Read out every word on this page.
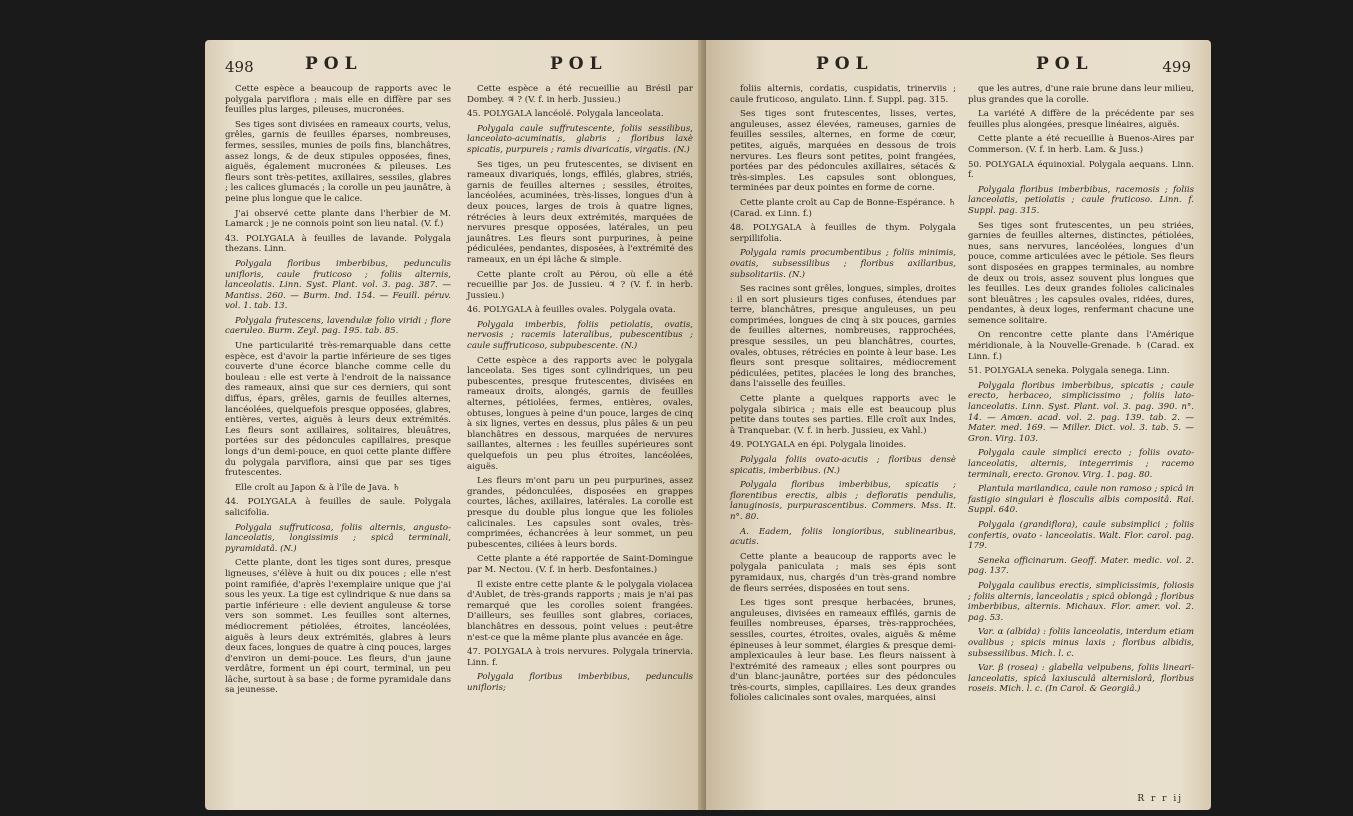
498	POL	POL

Cette espèce a beaucoup de rapports avec le polygala parviflora ; mais elle en diffère par ses feuilles plus larges, pileuses, mucronées.

Ses tiges sont divisées en rameaux courts, velus, grêles, garnis de feuilles éparses, nombreuses, fermes, sessiles, munies de poils fins, blanchâtres, assez longs, & de deux stipules opposées, fines, aiguës, également mucronées & pileuses. Les fleurs sont très-petites, axillaires, sessiles, glabres ; les calices glumacés ; la corolle un peu jaunâtre, à peine plus longue que le calice.

J'ai observé cette plante dans l'herbier de M. Lamarck ; je ne connois point son lieu natal. (V. f.)

43. POLYGALA à feuilles de lavande. Polygala thezans. Linn.

Polygala floribus imberbibus, pedunculis unifloris, caule fruticoso ; foliis alternis, lanceolatis. Linn. Syst. Plant. vol. 3. pag. 387. — Mantiss. 260. — Burm. Ind. 154. — Feuill. péruv. vol. 1. tab. 13.

Polygala frutescens, lavendulæ folio viridi ; flore caeruleo. Burm. Zeyl. pag. 195. tab. 85.

Une particularité très-remarquable dans cette espèce, est d'avoir la partie inférieure de ses tiges couverte d'une écorce blanche comme celle du bouleau : elle est verte à l'endroit de la naissance des rameaux, ainsi que sur ces derniers, qui sont diffus, épars, grêles, garnis de feuilles alternes, lancéolées, quelquefois presque opposées, glabres, entières, vertes, aiguës à leurs deux extrémités. Les fleurs sont axillaires, solitaires, bleuâtres, portées sur des pédoncules capillaires, presque longs d'un demi-pouce, en quoi cette plante diffère du polygala parviflora, ainsi que par ses tiges frutescentes.

Elle croît au Japon & à l'île de Java. ♄

44. POLYGALA à feuilles de saule. Polygala salicifolia.

Polygala suffruticosa, foliis alternis, angusto-lanceolatis, longissimis ; spicâ terminali, pyramidatâ. (N.)

Cette plante, dont les tiges sont dures, presque ligneuses, s'élève à huit ou dix pouces ; elle n'est point ramifiée, d'après l'exemplaire unique que j'ai sous les yeux. La tige est cylindrique & nue dans sa partie inférieure : elle devient anguleuse & torse vers son sommet. Les feuilles sont alternes, médiocrement pétiolées, étroites, lancéolées, aiguës à leurs deux extrémités, glabres à leurs deux faces, longues de quatre à cinq pouces, larges d'environ un demi-pouce. Les fleurs, d'un jaune verdâtre, forment un épi court, terminal, un peu lâche, surtout à sa base ; de forme pyramidale dans sa jeunesse.

Cette espèce a été recueillie au Brésil par Dombey. ♃ ? (V. f. in herb. Jussieu.)

45. POLYGALA lancéolé. Polygala lanceolata.

Polygala caule suffrutescente, foliis sessilibus, lanceolato-acuminatis, glabris ; floribus laxè spicatis, purpureis ; ramis divaricatis, virgatis. (N.)

Ses tiges, un peu frutescentes, se divisent en rameaux divariqués, longs, effilés, glabres, striés, garnis de feuilles alternes ; sessiles, étroites, lancéolées, acuminées, très-lisses, longues d'un à deux pouces, larges de trois à quatre lignes, rétrécies à leurs deux extrémités, marquées de nervures presque opposées, latérales, un peu jaunâtres. Les fleurs sont purpurines, à peine pédiculées, pendantes, disposées, à l'extrémité des rameaux, en un épi lâche & simple.

Cette plante croît au Pérou, où elle a été recueillie par Jos. de Jussieu. ♃ ? (V. f. in herb. Jussieu.)

46. POLYGALA à feuilles ovales. Polygala ovata.

Polygala imberbis, foliis petiolatis, ovatis, nervosis ; racemis lateralibus, pubescentibus ; caule suffruticoso, subpubescente. (N.)

Cette espèce a des rapports avec le polygala lanceolata. Ses tiges sont cylindriques, un peu pubescentes, presque frutescentes, divisées en rameaux droits, alongés, garnis de feuilles alternes, pétiolées, fermes, entières, ovales, obtuses, longues à peine d'un pouce, larges de cinq à six lignes, vertes en dessus, plus pâles & un peu blanchâtres en dessous, marquées de nervures saillantes, alternes : les feuilles supérieures sont quelquefois un peu plus étroites, lancéolées, aiguës.

Les fleurs m'ont paru un peu purpurines, assez grandes, pédonculées, disposées en grappes courtes, lâches, axillaires, latérales. La corolle est presque du double plus longue que les folioles calicinales. Les capsules sont ovales, très-comprimées, échancrées à leur sommet, un peu pubescentes, ciliées à leurs bords.

Cette plante a été rapportée de Saint-Domingue par M. Nectou. (V. f. in herb. Desfontaines.)

Il existe entre cette plante & le polygala violacea d'Aublet, de très-grands rapports ; mais je n'ai pas remarqué que les corolles soient frangées. D'ailleurs, ses feuilles sont glabres, coriaces, blanchâtres en dessous, point velues : peut-être n'est-ce que la même plante plus avancée en âge.

47. POLYGALA à trois nervures. Polygala trinervia. Linn. f.

Polygala floribus imberbibus, pedunculis unifloris;

POL	POL	499

foliis alternis, cordatis, cuspidatis, trinerviis ; caule fruticoso, angulato. Linn. f. Suppl. pag. 315.

Ses tiges sont frutescentes, lisses, vertes, anguleuses, assez élevées, rameuses, garnies de feuilles sessiles, alternes, en forme de cœur, petites, aiguës, marquées en dessous de trois nervures. Les fleurs sont petites, point frangées, portées par des pédoncules axillaires, sétacés & très-simples. Les capsules sont oblongues, terminées par deux pointes en forme de corne.

Cette plante croît au Cap de Bonne-Espérance. ♄ (Carad. ex Linn. f.)

48. POLYGALA à feuilles de thym. Polygala serpillifolia.

Polygala ramis procumbentibus ; foliis minimis, ovatis, subsessilibus ; floribus axillaribus, subsolitariis. (N.)

Ses racines sont grêles, longues, simples, droites : il en sort plusieurs tiges confuses, étendues par terre, blanchâtres, presque anguleuses, un peu comprimées, longues de cinq à six pouces, garnies de feuilles alternes, nombreuses, rapprochées, presque sessiles, un peu blanchâtres, courtes, ovales, obtuses, rétrécies en pointe à leur base. Les fleurs sont presque solitaires, médiocrement pédiculées, petites, placées le long des branches, dans l'aisselle des feuilles.

Cette plante a quelques rapports avec le polygala sibirica ; mais elle est beaucoup plus petite dans toutes ses parties. Elle croît aux Indes, à Tranquebar. (V. f. in herb. Jussieu, ex Vahl.)

49. POLYGALA en épi. Polygala linoides.

Polygala foliis ovato-acutis ; floribus densè spicatis, imberbibus. (N.)

Polygala floribus imberbibus, spicatis ; florentibus erectis, albis ; defloratis pendulis, lanuginosis, purpurascentibus. Commers. Mss. It. n°. 80.

A. Eadem, foliis longioribus, sublinearibus, acutis.

Cette plante a beaucoup de rapports avec le polygala paniculata ; mais ses épis sont pyramidaux, nus, chargés d'un très-grand nombre de fleurs serrées, disposées en tout sens.

Les tiges sont presque herbacées, brunes, anguleuses, divisées en rameaux effilés, garnis de feuilles nombreuses, éparses, très-rapprochées, sessiles, courtes, étroites, ovales, aiguës & même épineuses à leur sommet, élargies & presque demi-amplexicaules à leur base. Les fleurs naissent à l'extrémité des rameaux ; elles sont pourpres ou d'un blanc-jaunâtre, portées sur des pédoncules très-courts, simples, capillaires. Les deux grandes folioles calicinales sont ovales, marquées, ainsi

que les autres, d'une raie brune dans leur milieu, plus grandes que la corolle.

La variété A diffère de la précédente par ses feuilles plus alongées, presque linéaires, aiguës.

Cette plante a été recueillie à Buenos-Aires par Commerson. (V. f. in herb. Lam. & Juss.)

50. POLYGALA équinoxial. Polygala aequans. Linn. f.

Polygala floribus imberbibus, racemosis ; foliis lanceolatis, petiolatis ; caule fruticoso. Linn. f. Suppl. pag. 315.

Ses tiges sont frutescentes, un peu striées, garnies de feuilles alternes, distinctes, pétiolées, nues, sans nervures, lancéolées, longues d'un pouce, comme articulées avec le pétiole. Ses fleurs sont disposées en grappes terminales, au nombre de deux ou trois, assez souvent plus longues que les feuilles. Les deux grandes folioles calicinales sont bleuâtres ; les capsules ovales, ridées, dures, pendantes, à deux loges, renfermant chacune une semence solitaire.

On rencontre cette plante dans l'Amérique méridionale, à la Nouvelle-Grenade. ♄ (Carad. ex Linn. f.)

51. POLYGALA seneka. Polygala senega. Linn.

Polygala floribus imberbibus, spicatis ; caule erecto, herbaceo, simplicissimo ; foliis lato-lanceolatis. Linn. Syst. Plant. vol. 3. pag. 390. n°. 14. — Amœn. acad. vol. 2. pag. 139. tab. 2. — Mater. med. 169. — Miller. Dict. vol. 3. tab. 5. — Gron. Virg. 103.

Polygala caule simplici erecto ; foliis ovato-lanceolatis, alternis, integerrimis ; racemo terminali, erecto. Gronov. Virg. 1. pag. 80.

Plantula marilandica, caule non ramoso ; spicâ in fastigio singulari è flosculis albis compositâ. Rai. Suppl. 640.

Polygala (grandiflora), caule subsimplici ; foliis confertis, ovato - lanceolatis. Walt. Flor. carol. pag. 179.

Seneka officinarum. Geoff. Mater. medic. vol. 2. pag. 137.

Polygala caulibus erectis, simplicissimis, foliosis ; foliis alternis, lanceolatis ; spicâ oblongâ ; floribus imberbibus, alternis. Michaux. Flor. amer. vol. 2. pag. 53.

Var. α (albida) : foliis lanceolatis, interdum etiam ovalibus ; spicis minus laxis ; floribus albidis, subsessilibus. Mich. l. c.

Var. β (rosea) : glabella velpubens, foliis lineari-lanceolatis, spicâ laxiusculâ alternislorâ, floribus roseis. Mich. l. c. (In Carol. & Georgiâ.)

R r r ij
